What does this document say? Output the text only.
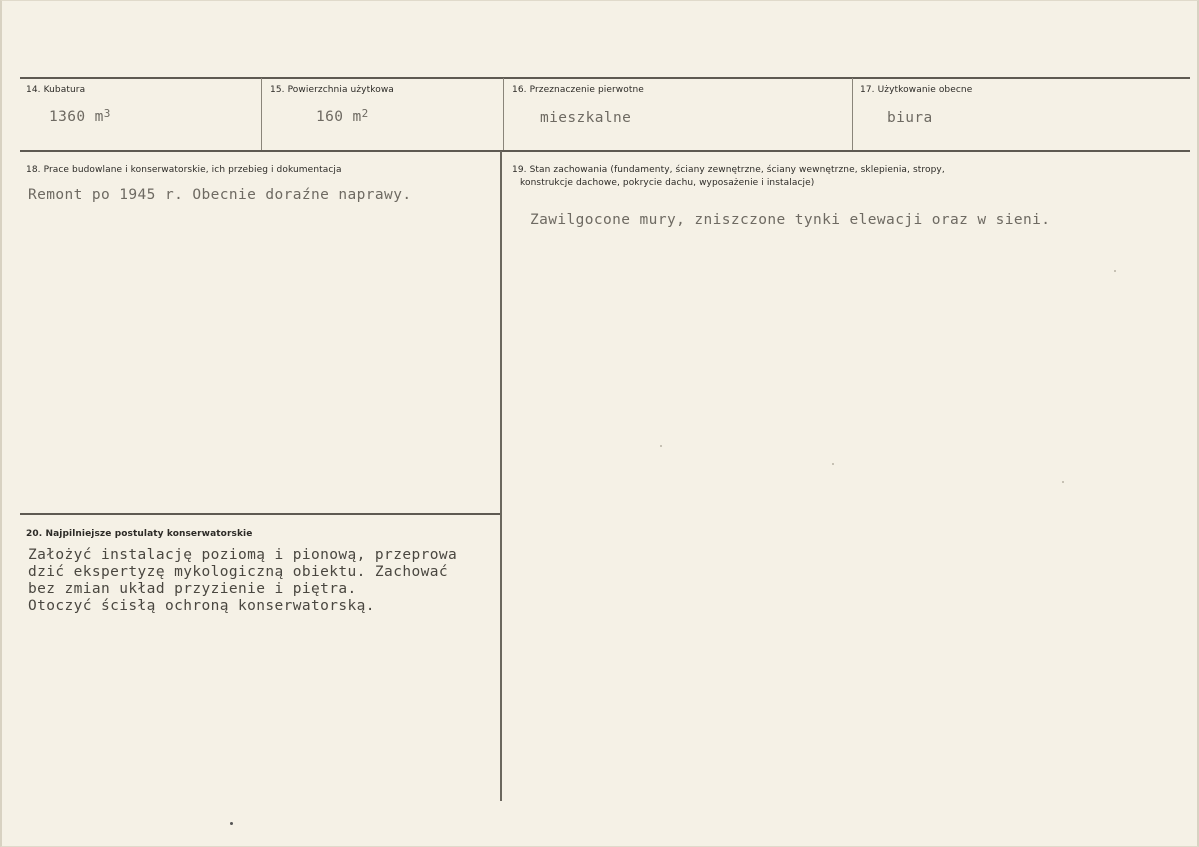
14. Kubatura
1360 $m^3$
15. Powierzchnia użytkowa
160 $m^2$
16. Przeznaczenie pierwotne
mieszkalne
17. Użytkowanie obecne
biura
18. Prace budowlane i konserwatorskie, ich przebieg i dokumentacja
Remont po 1945 r. Obecnie doraźne naprawy.
19. Stan zachowania (fundamenty, ściany zewnętrzne, ściany wewnętrzne, sklepienia, stropy,
konstrukcje dachowe, pokrycie dachu, wyposażenie i instalacje)
Zawilgocone mury, zniszczone tynki elewacji oraz w sieni.
20. Najpilniejsze postulaty konserwatorskie
Założyć instalację poziomą i pionową, przeprowa
dzić ekspertyzę mykologiczną obiektu. Zachować
bez zmian układ przyzienie i piętra.
Otoczyć ścisłą ochroną konserwatorską.
